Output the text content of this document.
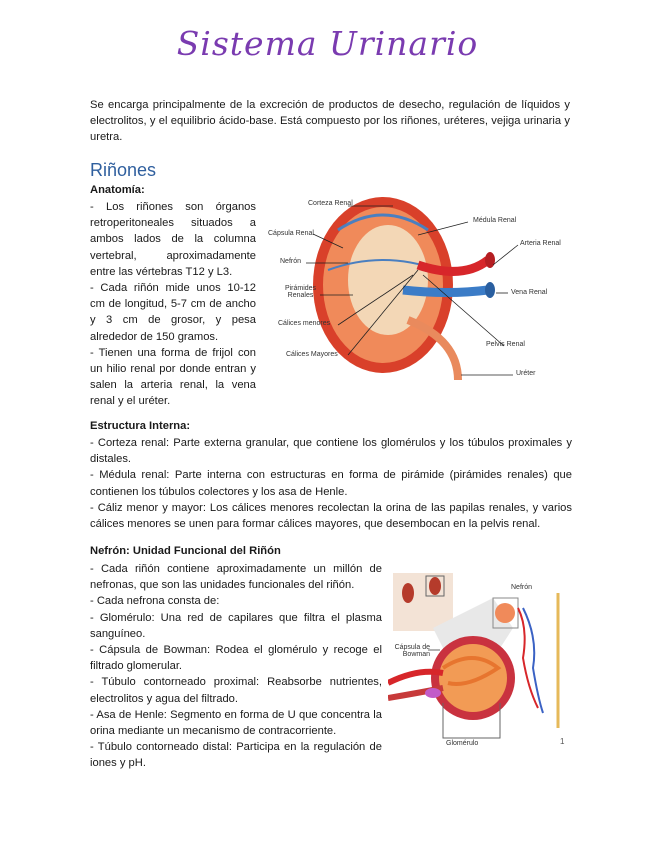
Sistema Urinario
Se encarga principalmente de la excreción de productos de desecho, regulación de líquidos y electrolitos, y el equilibrio ácido-base. Está compuesto por los riñones, uréteres, vejiga urinaria y uretra.
Riñones
Anatomía:
- Los riñones son órganos retroperitoneales situados a ambos lados de la columna vertebral, aproximadamente entre las vértebras T12 y L3.
- Cada riñón mide unos 10-12 cm de longitud, 5-7 cm de ancho y 3 cm de grosor, y pesa alrededor de 150 gramos.
- Tienen una forma de frijol con un hilio renal por donde entran y salen la arteria renal, la vena renal y el uréter.
Corteza Renal
Médula Renal
Cápsula Renal
Arteria Renal
Nefrón
Pirámides Renales	Vena Renal
Cálices menores
Pelvis Renal
Cálices Mayores
Uréter
Estructura Interna:
- Corteza renal: Parte externa granular, que contiene los glomérulos y los túbulos proximales y distales.
- Médula renal: Parte interna con estructuras en forma de pirámide (pirámides renales) que contienen los túbulos colectores y los asa de Henle.
- Cáliz menor y mayor: Los cálices menores recolectan la orina de las papilas renales, y varios cálices menores se unen para formar cálices mayores, que desembocan en la pelvis renal.
Nefrón: Unidad Funcional del Riñón
- Cada riñón contiene aproximadamente un millón de nefronas, que son las unidades funcionales del riñón.
- Cada nefrona consta de:
- Glomérulo: Una red de capilares que filtra el plasma sanguíneo.
- Cápsula de Bowman: Rodea el glomérulo y recoge el filtrado glomerular.
- Túbulo contorneado proximal: Reabsorbe nutrientes, electrolitos y agua del filtrado.
- Asa de Henle: Segmento en forma de U que concentra la orina mediante un mecanismo de contracorriente.
- Túbulo contorneado distal: Participa en la regulación de iones y pH.
Nefrón
Cápsula de Bowman
Glomérulo	1
